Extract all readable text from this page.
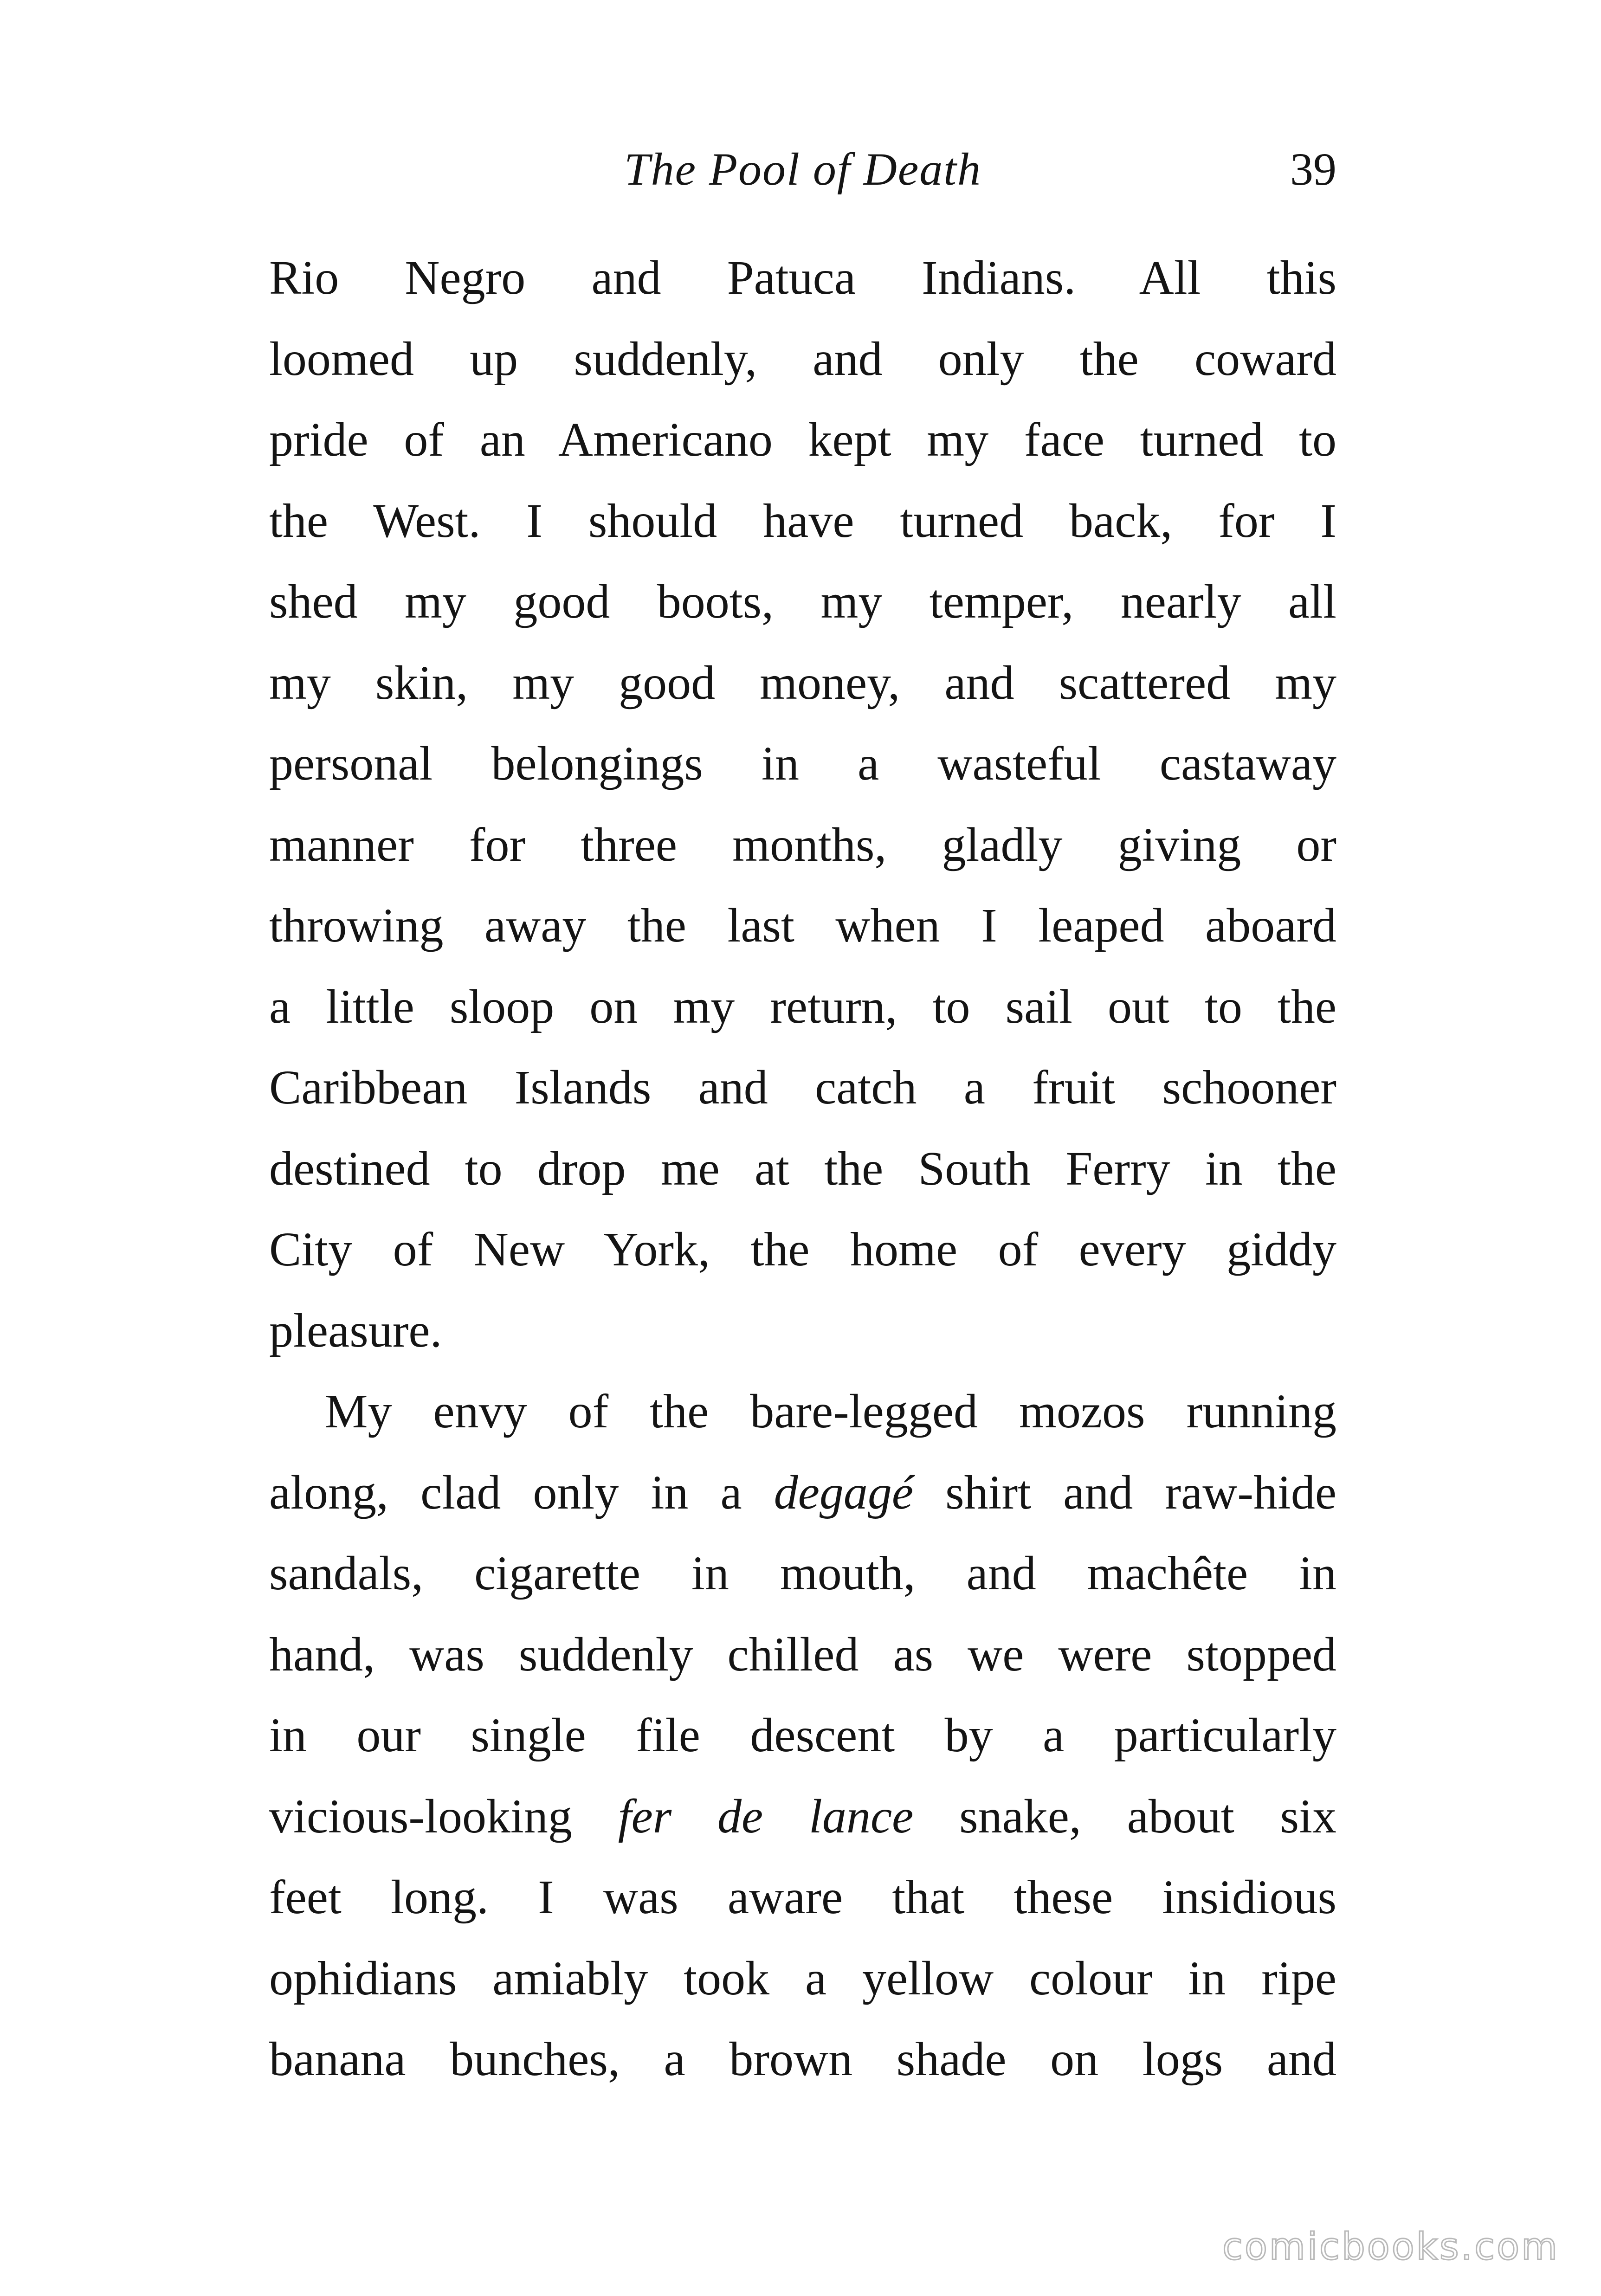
The Pool of Death	39
Rio Negro and Patuca Indians. All this
loomed up suddenly, and only the coward
pride of an Americano kept my face turned to
the West. I should have turned back, for I
shed my good boots, my temper, nearly all
my skin, my good money, and scattered my
personal belongings in a wasteful castaway
manner for three months, gladly giving or
throwing away the last when I leaped aboard
a little sloop on my return, to sail out to the
Caribbean Islands and catch a fruit schooner
destined to drop me at the South Ferry in the
City of New York, the home of every giddy
pleasure.
My envy of the bare-legged mozos running
along, clad only in a degagé shirt and raw-hide
sandals, cigarette in mouth, and machête in
hand, was suddenly chilled as we were stopped
in our single file descent by a particularly
vicious-looking fer de lance snake, about six
feet long. I was aware that these insidious
ophidians amiably took a yellow colour in ripe
banana bunches, a brown shade on logs and
comicbooks.com
